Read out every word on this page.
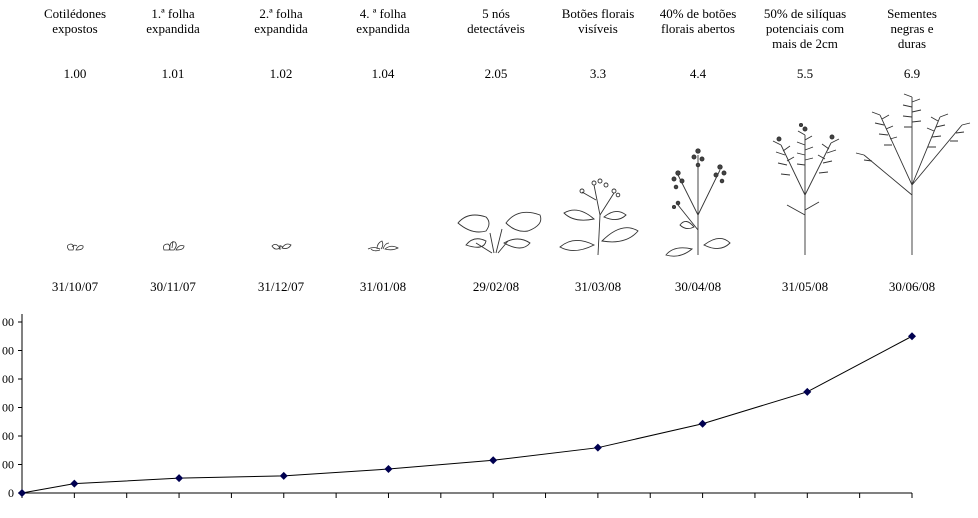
Cotilédones
expostos
1.00
31/10/07
1.ª folha
expandida
1.01
30/11/07
2.ª folha
expandida
1.02
31/12/07
4. ª folha
expandida
1.04
31/01/08
5 nós
detectáveis
2.05
29/02/08
Botões florais
visíveis
3.3
31/03/08
40% de botões
florais abertos
4.4
30/04/08
50% de silíquas
potenciais com
mais de 2cm
5.5
31/05/08
Sementes
negras e duras
6.9
30/06/08
0
00
00
00
00
00
00
